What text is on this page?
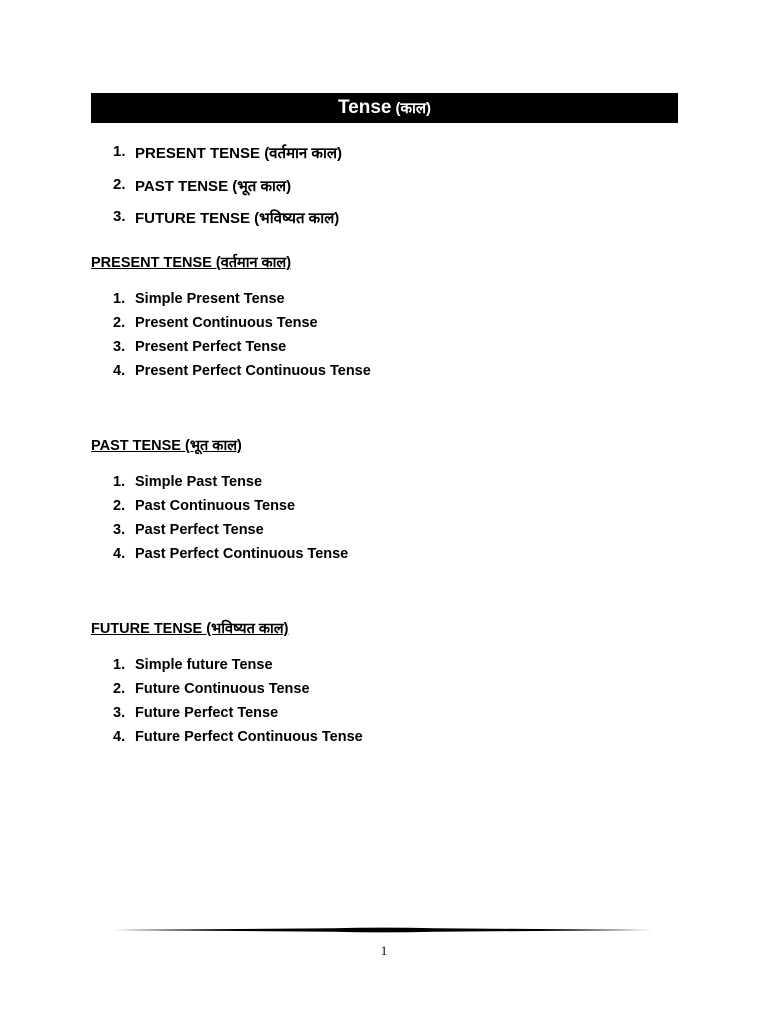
Tense (काल)
1. PRESENT TENSE (वर्तमान काल)
2. PAST TENSE (भूत काल)
3. FUTURE TENSE (भविष्यत काल)
PRESENT TENSE (वर्तमान काल)
1. Simple Present Tense
2. Present Continuous Tense
3. Present Perfect Tense
4. Present Perfect Continuous Tense
PAST TENSE (भूत काल)
1. Simple Past Tense
2. Past Continuous Tense
3. Past Perfect Tense
4. Past Perfect Continuous Tense
FUTURE TENSE (भविष्यत काल)
1. Simple future Tense
2. Future Continuous Tense
3. Future Perfect Tense
4. Future Perfect Continuous Tense
1
